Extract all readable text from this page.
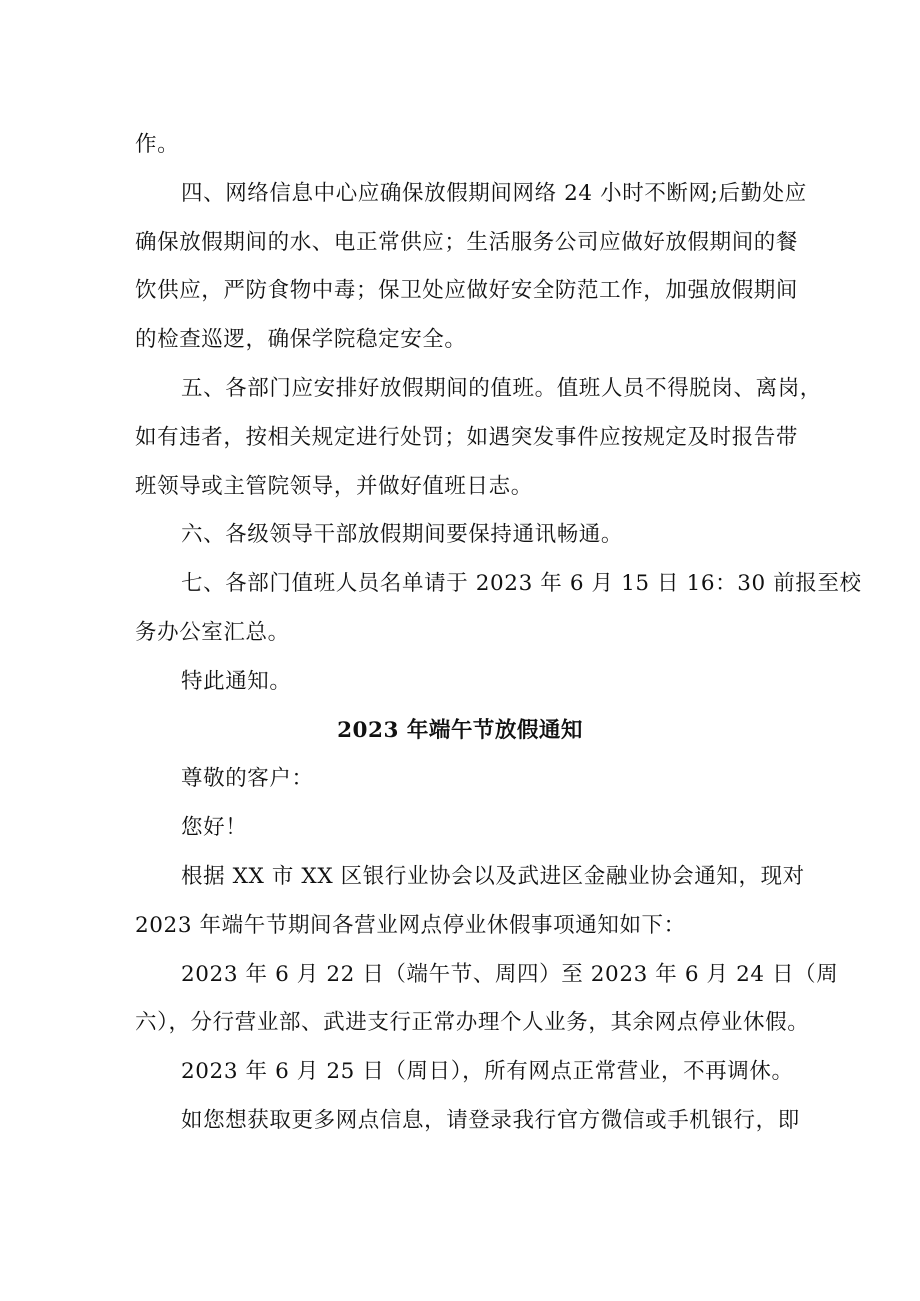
作。
四、网络信息中心应确保放假期间网络 24 小时不断网;后勤处应
确保放假期间的水、电正常供应；生活服务公司应做好放假期间的餐
饮供应，严防食物中毒；保卫处应做好安全防范工作，加强放假期间
的检查巡逻，确保学院稳定安全。
五、各部门应安排好放假期间的值班。值班人员不得脱岗、离岗，
如有违者，按相关规定进行处罚；如遇突发事件应按规定及时报告带
班领导或主管院领导，并做好值班日志。
六、各级领导干部放假期间要保持通讯畅通。
七、各部门值班人员名单请于 2023 年 6 月 15 日 16：30 前报至校
务办公室汇总。
特此通知。
2023 年端午节放假通知
尊敬的客户：
您好！
根据 XX 市 XX 区银行业协会以及武进区金融业协会通知，现对
2023 年端午节期间各营业网点停业休假事项通知如下：
2023 年 6 月 22 日（端午节、周四）至 2023 年 6 月 24 日（周
六），分行营业部、武进支行正常办理个人业务，其余网点停业休假。
2023 年 6 月 25 日（周日），所有网点正常营业，不再调休。
如您想获取更多网点信息，请登录我行官方微信或手机银行，即
